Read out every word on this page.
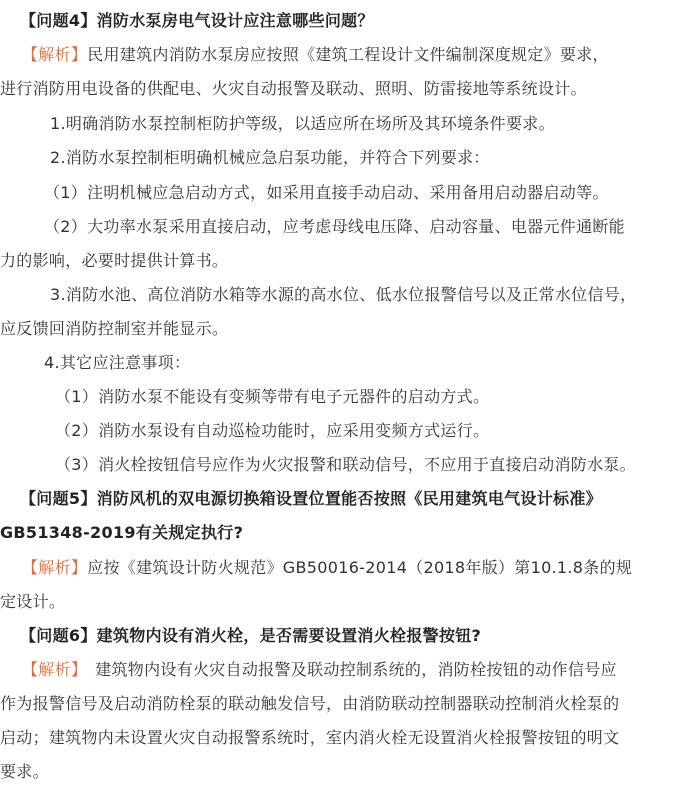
【问题4】消防水泵房电气设计应注意哪些问题？
【解析】民用建筑内消防水泵房应按照《建筑工程设计文件编制深度规定》要求，
进行消防用电设备的供配电、火灾自动报警及联动、照明、防雷接地等系统设计。
1.明确消防水泵控制柜防护等级，以适应所在场所及其环境条件要求。
2.消防水泵控制柜明确机械应急启泵功能，并符合下列要求：
（1）注明机械应急启动方式，如采用直接手动启动、采用备用启动器启动等。
（2）大功率水泵采用直接启动，应考虑母线电压降、启动容量、电器元件通断能
力的影响，必要时提供计算书。
3.消防水池、高位消防水箱等水源的高水位、低水位报警信号以及正常水位信号，
应反馈回消防控制室并能显示。
4.其它应注意事项：
（1）消防水泵不能设有变频等带有电子元器件的启动方式。
（2）消防水泵设有自动巡检功能时，应采用变频方式运行。
（3）消火栓按钮信号应作为火灾报警和联动信号，不应用于直接启动消防水泵。
【问题5】消防风机的双电源切换箱设置位置能否按照《民用建筑电气设计标准》
GB51348-2019有关规定执行?
【解析】应按《建筑设计防火规范》GB50016-2014（2018年版）第10.1.8条的规
定设计。
【问题6】建筑物内设有消火栓，是否需要设置消火栓报警按钮?
【解析】 建筑物内设有火灾自动报警及联动控制系统的，消防栓按钮的动作信号应
作为报警信号及启动消防栓泵的联动触发信号，由消防联动控制器联动控制消火栓泵的
启动；建筑物内未设置火灾自动报警系统时，室内消火栓无设置消火栓报警按钮的明文
要求。
